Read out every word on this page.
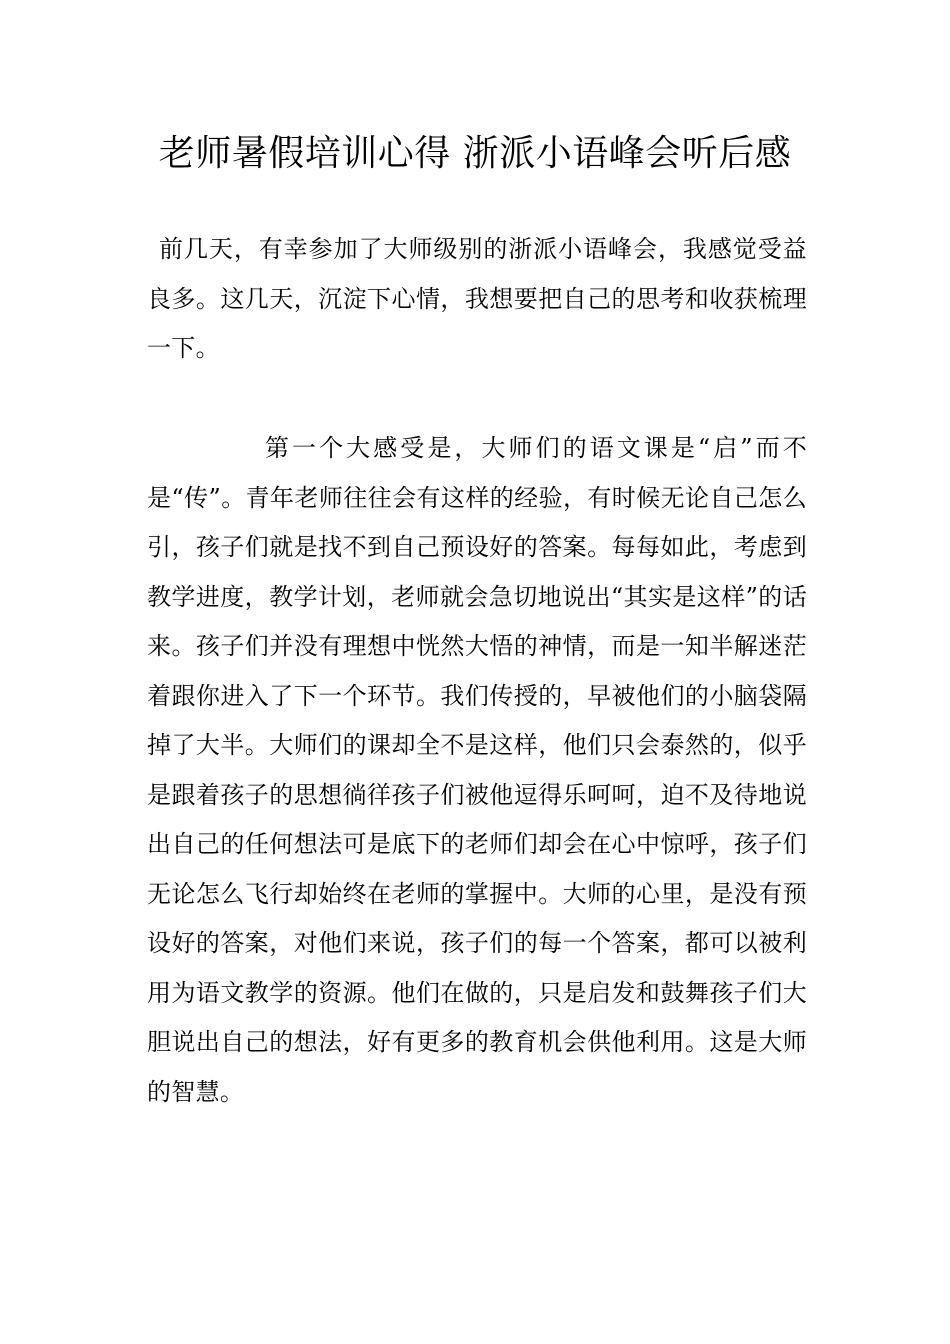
老师暑假培训心得 浙派小语峰会听后感

前几天，有幸参加了大师级别的浙派小语峰会，我感觉受益良多。这几天，沉淀下心情，我想要把自己的思考和收获梳理一下。

第一个大感受是，大师们的语文课是“启”而不是“传”。青年老师往往会有这样的经验，有时候无论自己怎么引，孩子们就是找不到自己预设好的答案。每每如此，考虑到教学进度，教学计划，老师就会急切地说出“其实是这样”的话来。孩子们并没有理想中恍然大悟的神情，而是一知半解迷茫着跟你进入了下一个环节。我们传授的，早被他们的小脑袋隔掉了大半。大师们的课却全不是这样，他们只会泰然的，似乎是跟着孩子的思想徜徉孩子们被他逗得乐呵呵，迫不及待地说出自己的任何想法可是底下的老师们却会在心中惊呼，孩子们无论怎么飞行却始终在老师的掌握中。大师的心里，是没有预设好的答案，对他们来说，孩子们的每一个答案，都可以被利用为语文教学的资源。他们在做的，只是启发和鼓舞孩子们大胆说出自己的想法，好有更多的教育机会供他利用。这是大师的智慧。
